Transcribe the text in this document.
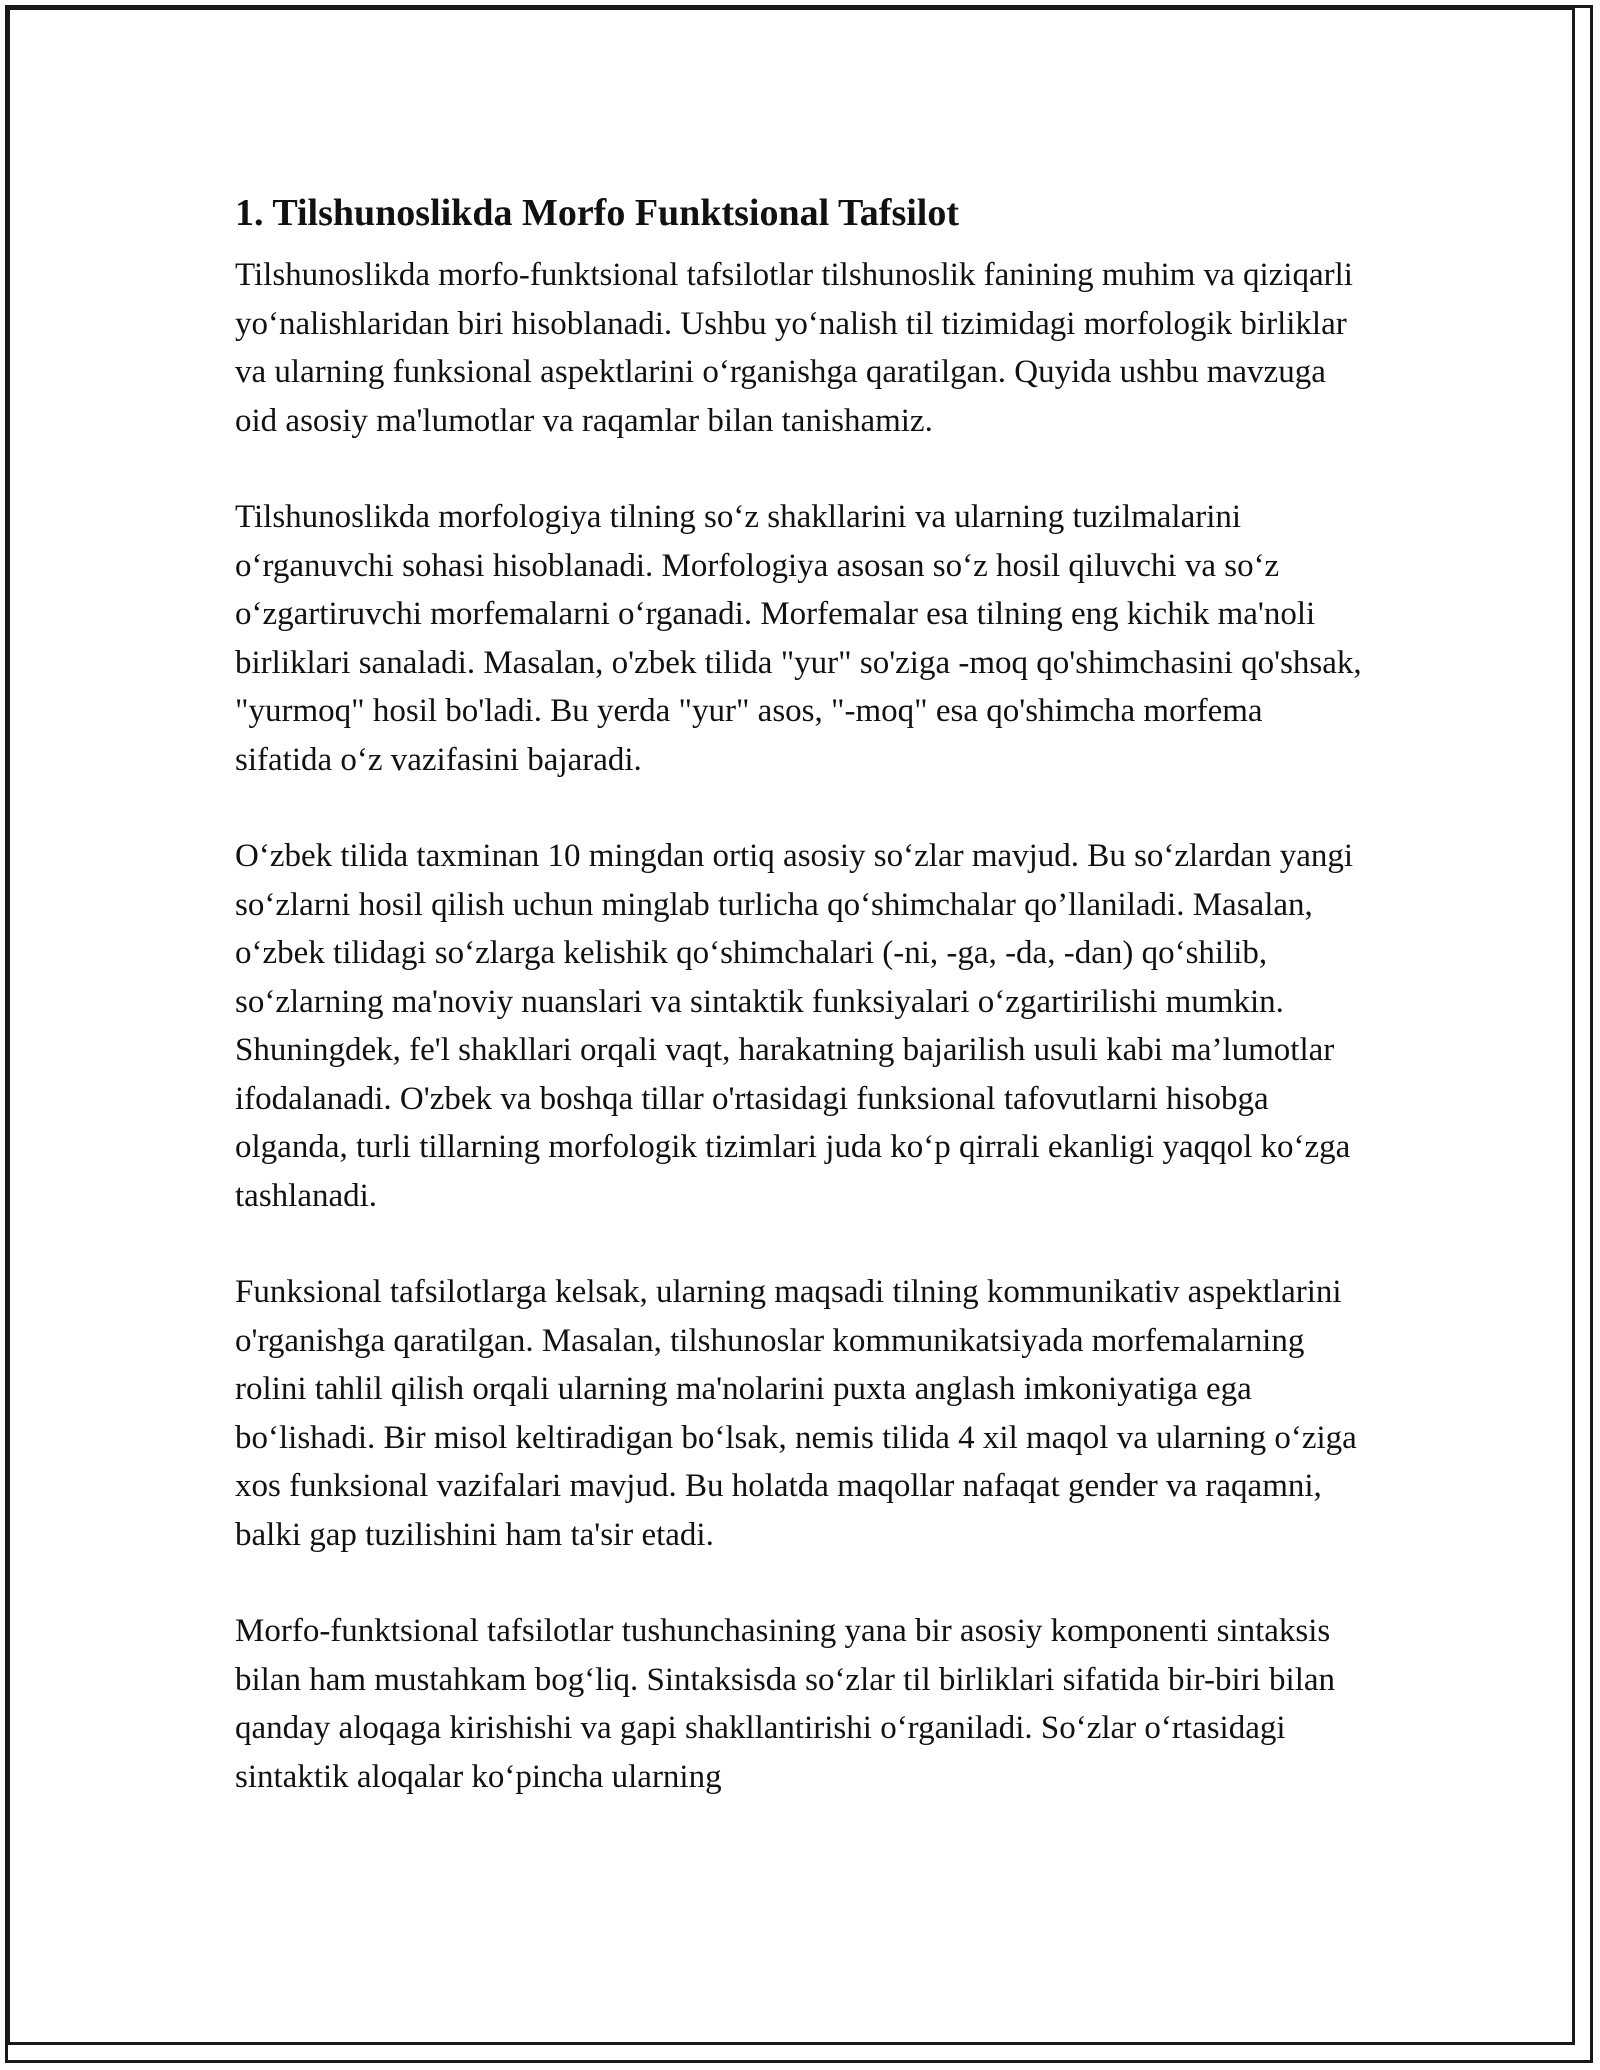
1. Tilshunoslikda Morfo Funktsional Tafsilot

Tilshunoslikda morfo-funktsional tafsilotlar tilshunoslik fanining muhim va qiziqarli yo‘nalishlaridan biri hisoblanadi. Ushbu yo‘nalish til tizimidagi morfologik birliklar va ularning funksional aspektlarini o‘rganishga qaratilgan. Quyida ushbu mavzuga oid asosiy ma'lumotlar va raqamlar bilan tanishamiz.

Tilshunoslikda morfologiya tilning so‘z shakllarini va ularning tuzilmalarini o‘rganuvchi sohasi hisoblanadi. Morfologiya asosan so‘z hosil qiluvchi va so‘z o‘zgartiruvchi morfemalarni o‘rganadi. Morfemalar esa tilning eng kichik ma'noli birliklari sanaladi. Masalan, o'zbek tilida "yur" so'ziga -moq qo'shimchasini qo'shsak, "yurmoq" hosil bo'ladi. Bu yerda "yur" asos, "-moq" esa qo'shimcha morfema sifatida o‘z vazifasini bajaradi.

O‘zbek tilida taxminan 10 mingdan ortiq asosiy so‘zlar mavjud. Bu so‘zlardan yangi so‘zlarni hosil qilish uchun minglab turlicha qo‘shimchalar qo’llaniladi. Masalan, o‘zbek tilidagi so‘zlarga kelishik qo‘shimchalari (-ni, -ga, -da, -dan) qo‘shilib, so‘zlarning ma'noviy nuanslari va sintaktik funksiyalari o‘zgartirilishi mumkin. Shuningdek, fe'l shakllari orqali vaqt, harakatning bajarilish usuli kabi ma’lumotlar ifodalanadi. O'zbek va boshqa tillar o'rtasidagi funksional tafovutlarni hisobga olganda, turli tillarning morfologik tizimlari juda ko‘p qirrali ekanligi yaqqol ko‘zga tashlanadi.

Funksional tafsilotlarga kelsak, ularning maqsadi tilning kommunikativ aspektlarini o'rganishga qaratilgan. Masalan, tilshunoslar kommunikatsiyada morfemalarning rolini tahlil qilish orqali ularning ma'nolarini puxta anglash imkoniyatiga ega bo‘lishadi. Bir misol keltiradigan bo‘lsak, nemis tilida 4 xil maqol va ularning o‘ziga xos funksional vazifalari mavjud. Bu holatda maqollar nafaqat gender va raqamni, balki gap tuzilishini ham ta'sir etadi.

Morfo-funktsional tafsilotlar tushunchasining yana bir asosiy komponenti sintaksis bilan ham mustahkam bog‘liq. Sintaksisda so‘zlar til birliklari sifatida bir-biri bilan qanday aloqaga kirishishi va gapi shakllantirishi o‘rganiladi. So‘zlar o‘rtasidagi sintaktik aloqalar ko‘pincha ularning
